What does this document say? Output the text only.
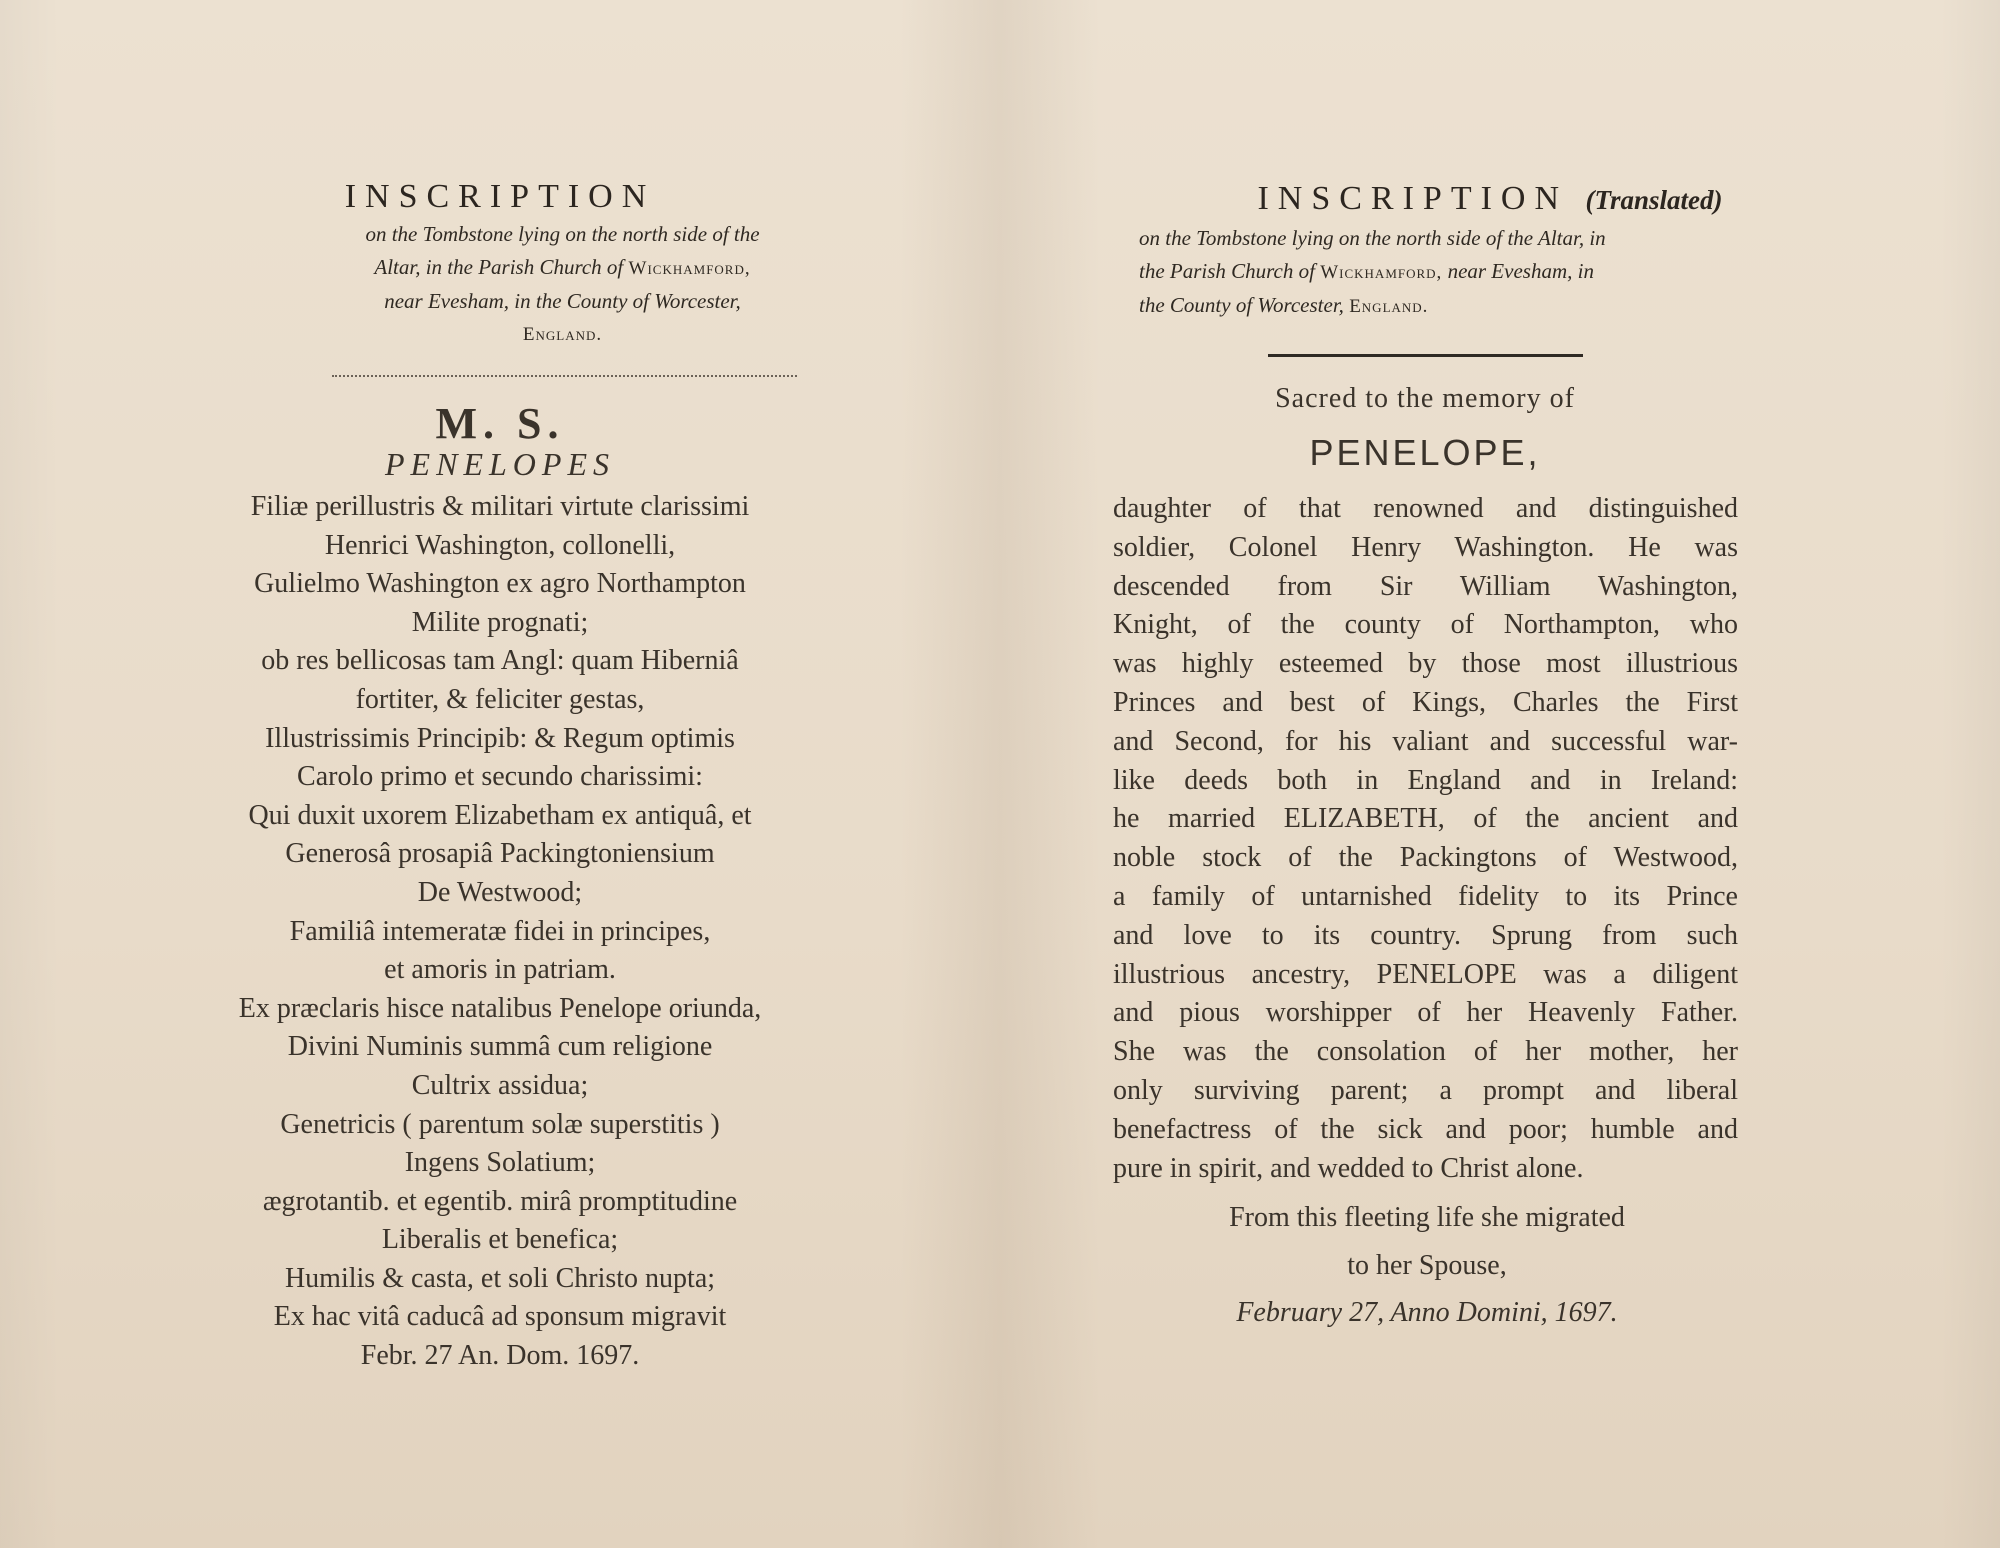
INSCRIPTION
on the Tombstone lying on the north side of the
Altar, in the Parish Church of Wickhamford,
near Evesham, in the County of Worcester,
England.
M. S.
PENELOPES
Filiæ perillustris & militari virtute clarissimi
Henrici Washington, collonelli,
Gulielmo Washington ex agro Northampton
Milite prognati;
ob res bellicosas tam Angl: quam Hiberniâ
fortiter, & feliciter gestas,
Illustrissimis Principib: & Regum optimis
Carolo primo et secundo charissimi:
Qui duxit uxorem Elizabetham ex antiquâ, et
Generosâ prosapiâ Packingtoniensium
De Westwood;
Familiâ intemeratæ fidei in principes,
et amoris in patriam.
Ex præclaris hisce natalibus Penelope oriunda,
Divini Numinis summâ cum religione
Cultrix assidua;
Genetricis ( parentum solæ superstitis )
Ingens Solatium;
ægrotantib. et egentib. mirâ promptitudine
Liberalis et benefica;
Humilis & casta, et soli Christo nupta;
Ex hac vitâ caducâ ad sponsum migravit
Febr. 27 An. Dom. 1697.
INSCRIPTION (Translated)
on the Tombstone lying on the north side of the Altar, in
the Parish Church of Wickhamford, near Evesham, in
the County of Worcester, England.
Sacred to the memory of
PENELOPE,
daughter of that renowned and distinguished
soldier, Colonel Henry Washington. He was
descended from Sir William Washington,
Knight, of the county of Northampton, who
was highly esteemed by those most illustrious
Princes and best of Kings, Charles the First
and Second, for his valiant and successful war-
like deeds both in England and in Ireland:
he married ELIZABETH, of the ancient and
noble stock of the Packingtons of Westwood,
a family of untarnished fidelity to its Prince
and love to its country. Sprung from such
illustrious ancestry, PENELOPE was a diligent
and pious worshipper of her Heavenly Father.
She was the consolation of her mother, her
only surviving parent; a prompt and liberal
benefactress of the sick and poor; humble and
pure in spirit, and wedded to Christ alone.
From this fleeting life she migrated
to her Spouse,
February 27, Anno Domini, 1697.
